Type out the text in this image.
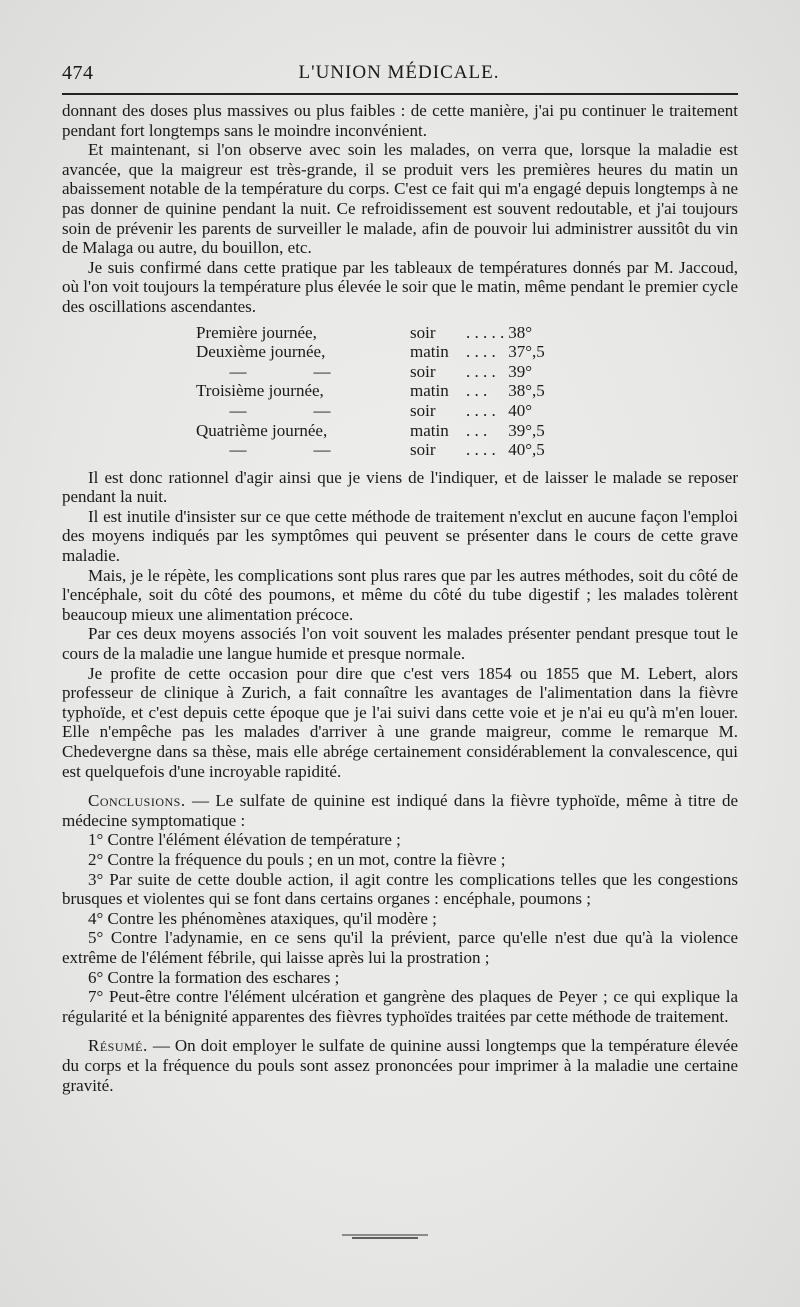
474	L'UNION MÉDICALE.

donnant des doses plus massives ou plus faibles : de cette manière, j'ai pu continuer le traitement pendant fort longtemps sans le moindre inconvénient.

Et maintenant, si l'on observe avec soin les malades, on verra que, lorsque la maladie est avancée, que la maigreur est très-grande, il se produit vers les premières heures du matin un abaissement notable de la température du corps. C'est ce fait qui m'a engagé depuis longtemps à ne pas donner de quinine pendant la nuit. Ce refroidissement est souvent redoutable, et j'ai toujours soin de prévenir les parents de surveiller le malade, afin de pouvoir lui administrer aussitôt du vin de Malaga ou autre, du bouillon, etc.

Je suis confirmé dans cette pratique par les tableaux de températures donnés par M. Jaccoud, où l'on voit toujours la température plus élevée le soir que le matin, même pendant le premier cycle des oscillations ascendantes.

Première journée,	soir	. . . . .	38°
Deuxième journée,	matin	. . . .	37°,5
— —	soir	. . . .	39°
Troisième journée,	matin	. . .	38°,5
— —	soir	. . . .	40°
Quatrième journée,	matin	. . .	39°,5
— —	soir	. . . .	40°,5

Il est donc rationnel d'agir ainsi que je viens de l'indiquer, et de laisser le malade se reposer pendant la nuit.

Il est inutile d'insister sur ce que cette méthode de traitement n'exclut en aucune façon l'emploi des moyens indiqués par les symptômes qui peuvent se présenter dans le cours de cette grave maladie.

Mais, je le répète, les complications sont plus rares que par les autres méthodes, soit du côté de l'encéphale, soit du côté des poumons, et même du côté du tube digestif ; les malades tolèrent beaucoup mieux une alimentation précoce.

Par ces deux moyens associés l'on voit souvent les malades présenter pendant presque tout le cours de la maladie une langue humide et presque normale.

Je profite de cette occasion pour dire que c'est vers 1854 ou 1855 que M. Lebert, alors professeur de clinique à Zurich, a fait connaître les avantages de l'alimentation dans la fièvre typhoïde, et c'est depuis cette époque que je l'ai suivi dans cette voie et je n'ai eu qu'à m'en louer. Elle n'empêche pas les malades d'arriver à une grande maigreur, comme le remarque M. Chedevergne dans sa thèse, mais elle abrége certainement considérablement la convalescence, qui est quelquefois d'une incroyable rapidité.

Conclusions. — Le sulfate de quinine est indiqué dans la fièvre typhoïde, même à titre de médecine symptomatique :

1° Contre l'élément élévation de température ;

2° Contre la fréquence du pouls ; en un mot, contre la fièvre ;

3° Par suite de cette double action, il agit contre les complications telles que les congestions brusques et violentes qui se font dans certains organes : encéphale, poumons ;

4° Contre les phénomènes ataxiques, qu'il modère ;

5° Contre l'adynamie, en ce sens qu'il la prévient, parce qu'elle n'est due qu'à la violence extrême de l'élément fébrile, qui laisse après lui la prostration ;

6° Contre la formation des eschares ;

7° Peut-être contre l'élément ulcération et gangrène des plaques de Peyer ; ce qui explique la régularité et la bénignité apparentes des fièvres typhoïdes traitées par cette méthode de traitement.

Résumé. — On doit employer le sulfate de quinine aussi longtemps que la température élevée du corps et la fréquence du pouls sont assez prononcées pour imprimer à la maladie une certaine gravité.
